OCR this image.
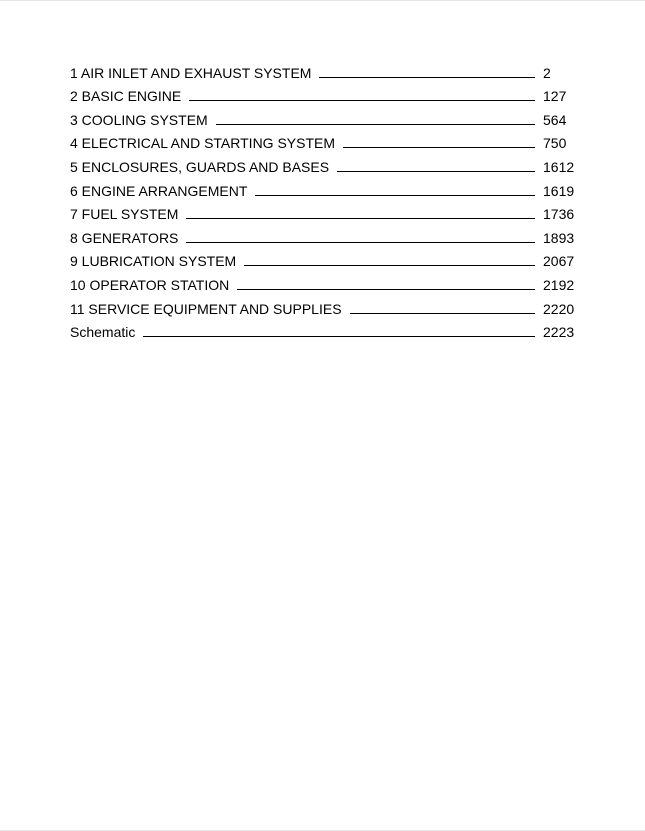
1 AIR INLET AND EXHAUST SYSTEM	2
2 BASIC ENGINE	127
3 COOLING SYSTEM	564
4 ELECTRICAL AND STARTING SYSTEM	750
5 ENCLOSURES, GUARDS AND BASES	1612
6 ENGINE ARRANGEMENT	1619
7 FUEL SYSTEM	1736
8 GENERATORS	1893
9 LUBRICATION SYSTEM	2067
10 OPERATOR STATION	2192
11 SERVICE EQUIPMENT AND SUPPLIES	2220
Schematic	2223
